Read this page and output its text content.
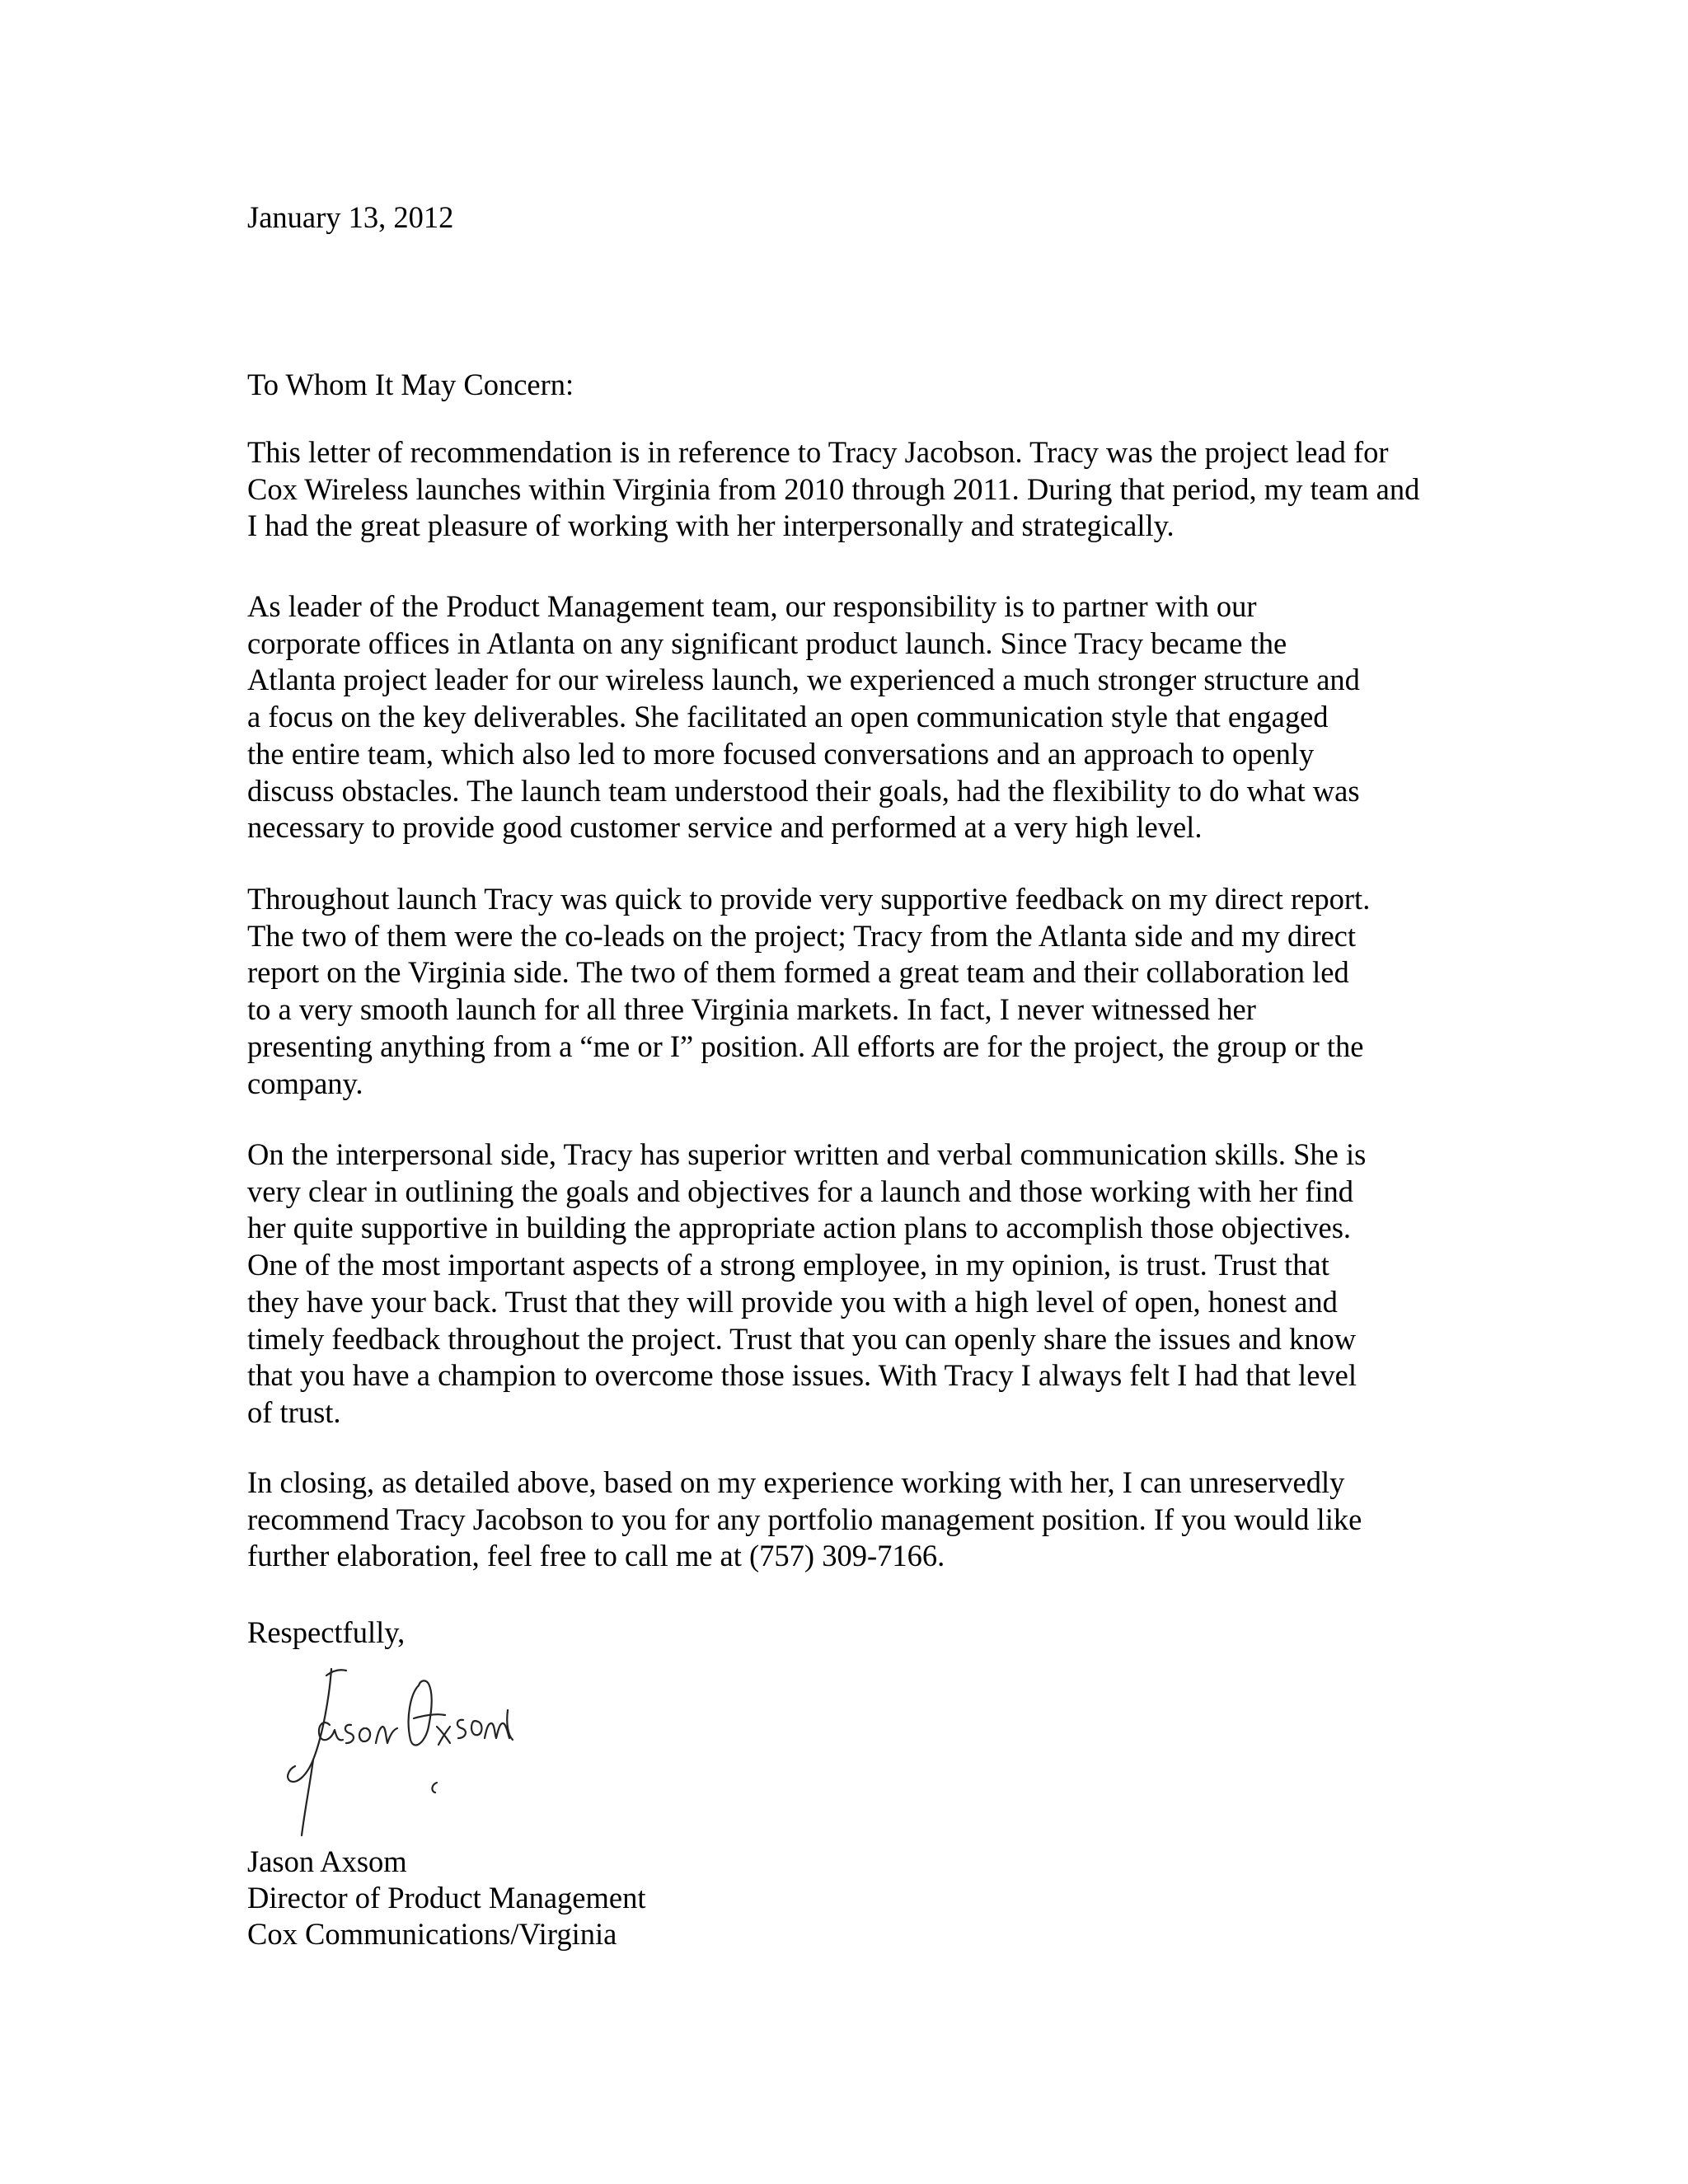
January 13, 2012
To Whom It May Concern:
This letter of recommendation is in reference to Tracy Jacobson. Tracy was the project lead for
Cox Wireless launches within Virginia from 2010 through 2011. During that period, my team and
I had the great pleasure of working with her interpersonally and strategically.
As leader of the Product Management team, our responsibility is to partner with our
corporate offices in Atlanta on any significant product launch. Since Tracy became the
Atlanta project leader for our wireless launch, we experienced a much stronger structure and
a focus on the key deliverables. She facilitated an open communication style that engaged
the entire team, which also led to more focused conversations and an approach to openly
discuss obstacles. The launch team understood their goals, had the flexibility to do what was
necessary to provide good customer service and performed at a very high level.
Throughout launch Tracy was quick to provide very supportive feedback on my direct report.
The two of them were the co-leads on the project; Tracy from the Atlanta side and my direct
report on the Virginia side. The two of them formed a great team and their collaboration led
to a very smooth launch for all three Virginia markets. In fact, I never witnessed her
presenting anything from a “me or I” position. All efforts are for the project, the group or the
company.
On the interpersonal side, Tracy has superior written and verbal communication skills. She is
very clear in outlining the goals and objectives for a launch and those working with her find
her quite supportive in building the appropriate action plans to accomplish those objectives.
One of the most important aspects of a strong employee, in my opinion, is trust. Trust that
they have your back. Trust that they will provide you with a high level of open, honest and
timely feedback throughout the project. Trust that you can openly share the issues and know
that you have a champion to overcome those issues. With Tracy I always felt I had that level
of trust.
In closing, as detailed above, based on my experience working with her, I can unreservedly
recommend Tracy Jacobson to you for any portfolio management position. If you would like
further elaboration, feel free to call me at (757) 309-7166.
Respectfully,
Jason Axsom
Director of Product Management
Cox Communications/Virginia
